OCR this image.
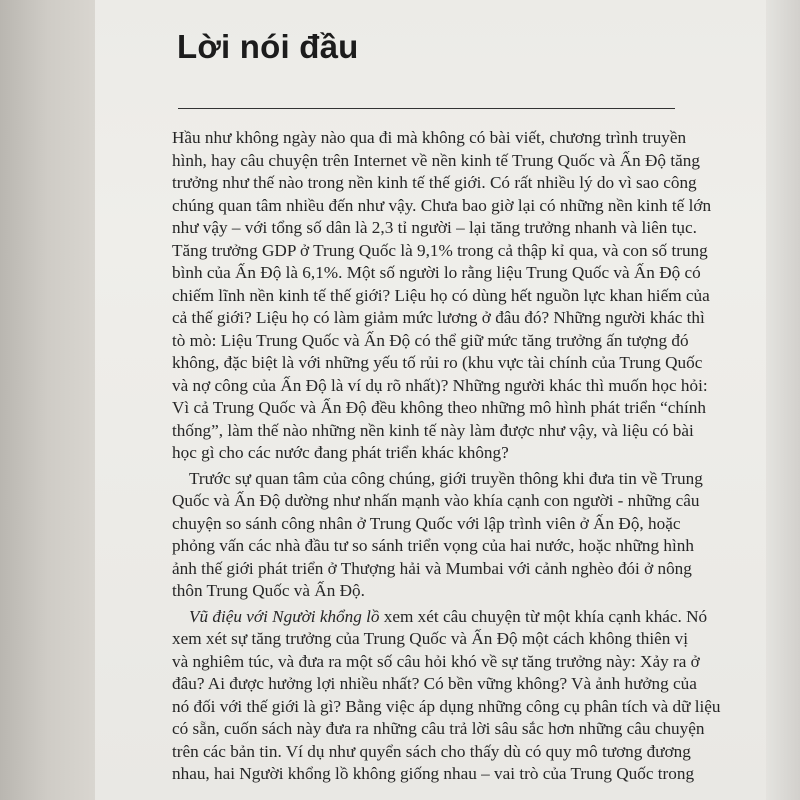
Lời nói đầu
Hầu như không ngày nào qua đi mà không có bài viết, chương trình truyền
hình, hay câu chuyện trên Internet về nền kinh tế Trung Quốc và Ấn Độ tăng
trưởng như thế nào trong nền kinh tế thế giới. Có rất nhiều lý do vì sao công
chúng quan tâm nhiều đến như vậy. Chưa bao giờ lại có những nền kinh tế lớn
như vậy – với tổng số dân là 2,3 tỉ người – lại tăng trưởng nhanh và liên tục.
Tăng trưởng GDP ở Trung Quốc là 9,1% trong cả thập kỉ qua, và con số trung
bình của Ấn Độ là 6,1%. Một số người lo rằng liệu Trung Quốc và Ấn Độ có
chiếm lĩnh nền kinh tế thế giới? Liệu họ có dùng hết nguồn lực khan hiếm của
cả thế giới? Liệu họ có làm giảm mức lương ở đâu đó? Những người khác thì
tò mò: Liệu Trung Quốc và Ấn Độ có thể giữ mức tăng trưởng ấn tượng đó
không, đặc biệt là với những yếu tố rủi ro (khu vực tài chính của Trung Quốc
và nợ công của Ấn Độ là ví dụ rõ nhất)? Những người khác thì muốn học hỏi:
Vì cả Trung Quốc và Ấn Độ đều không theo những mô hình phát triển “chính
thống”, làm thế nào những nền kinh tế này làm được như vậy, và liệu có bài
học gì cho các nước đang phát triển khác không?
Trước sự quan tâm của công chúng, giới truyền thông khi đưa tin về Trung
Quốc và Ấn Độ dường như nhấn mạnh vào khía cạnh con người - những câu
chuyện so sánh công nhân ở Trung Quốc với lập trình viên ở Ấn Độ, hoặc
phỏng vấn các nhà đầu tư so sánh triển vọng của hai nước, hoặc những hình
ảnh thế giới phát triển ở Thượng hải và Mumbai với cảnh nghèo đói ở nông
thôn Trung Quốc và Ấn Độ.
Vũ điệu với Người khổng lồ xem xét câu chuyện từ một khía cạnh khác. Nó
xem xét sự tăng trưởng của Trung Quốc và Ấn Độ một cách không thiên vị
và nghiêm túc, và đưa ra một số câu hỏi khó về sự tăng trưởng này: Xảy ra ở
đâu? Ai được hưởng lợi nhiều nhất? Có bền vững không? Và ảnh hưởng của
nó đối với thế giới là gì? Bằng việc áp dụng những công cụ phân tích và dữ liệu
có sẵn, cuốn sách này đưa ra những câu trả lời sâu sắc hơn những câu chuyện
trên các bản tin. Ví dụ như quyển sách cho thấy dù có quy mô tương đương
nhau, hai Người khổng lồ không giống nhau – vai trò của Trung Quốc trong
